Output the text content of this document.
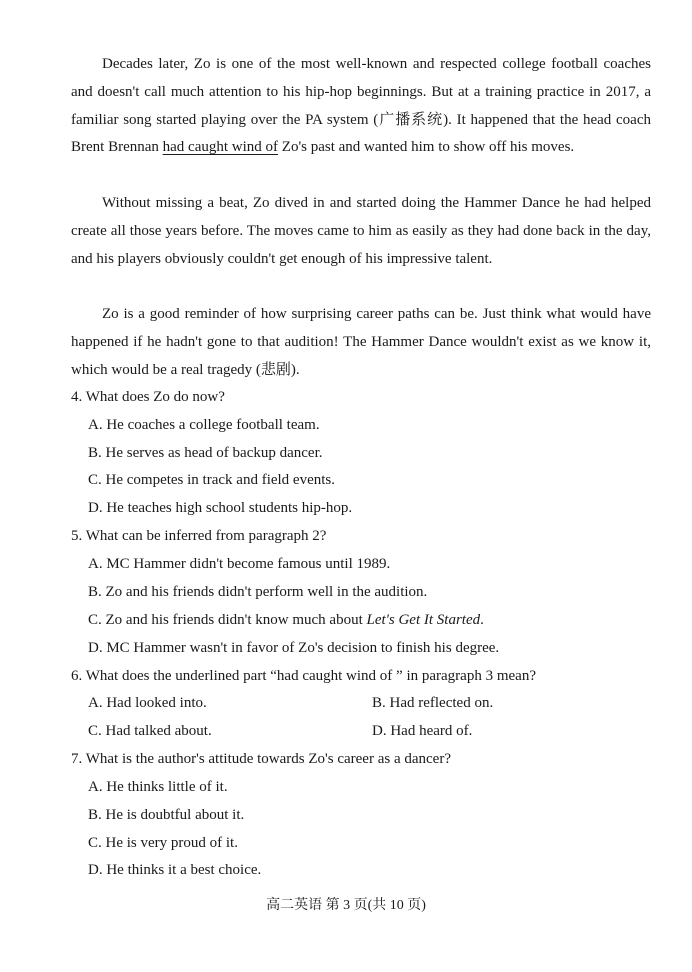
Decades later, Zo is one of the most well-known and respected college football coaches and doesn't call much attention to his hip-hop beginnings. But at a training practice in 2017, a familiar song started playing over the PA system (广播系统). It happened that the head coach Brent Brennan had caught wind of Zo's past and wanted him to show off his moves.

Without missing a beat, Zo dived in and started doing the Hammer Dance he had helped create all those years before. The moves came to him as easily as they had done back in the day, and his players obviously couldn't get enough of his impressive talent.

Zo is a good reminder of how surprising career paths can be. Just think what would have happened if he hadn't gone to that audition! The Hammer Dance wouldn't exist as we know it, which would be a real tragedy (悲剧).

4. What does Zo do now?
A. He coaches a college football team.
B. He serves as head of backup dancer.
C. He competes in track and field events.
D. He teaches high school students hip-hop.
5. What can be inferred from paragraph 2?
A. MC Hammer didn't become famous until 1989.
B. Zo and his friends didn't perform well in the audition.
C. Zo and his friends didn't know much about Let's Get It Started.
D. MC Hammer wasn't in favor of Zo's decision to finish his degree.
6. What does the underlined part “had caught wind of ” in paragraph 3 mean?
A. Had looked into.	B. Had reflected on.
C. Had talked about.	D. Had heard of.
7. What is the author's attitude towards Zo's career as a dancer?
A. He thinks little of it.
B. He is doubtful about it.
C. He is very proud of it.
D. He thinks it a best choice.
高二英语 第 3 页(共 10 页)
